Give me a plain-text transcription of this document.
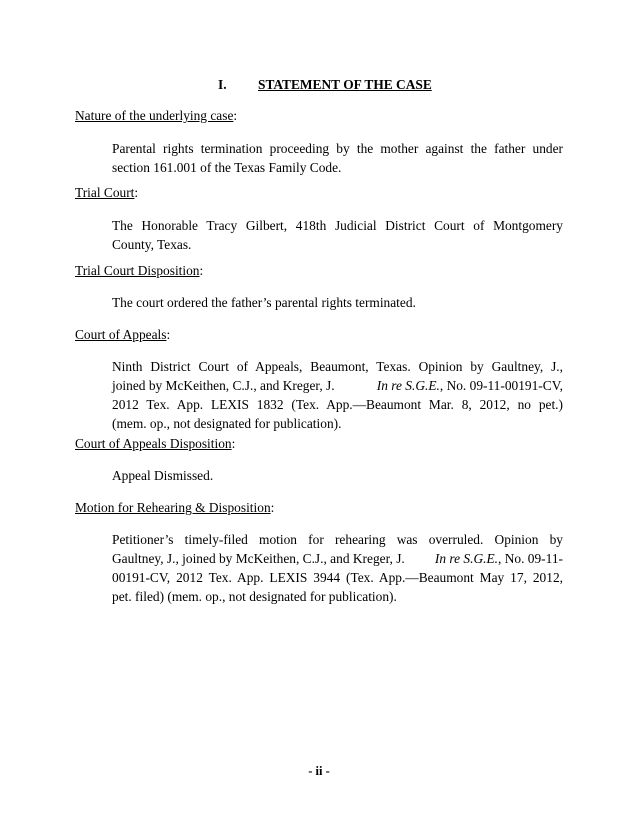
I. STATEMENT OF THE CASE
Nature of the underlying case:
Parental rights termination proceeding by the mother against the father under
section 161.001 of the Texas Family Code.
Trial Court:
The Honorable Tracy Gilbert, 418th Judicial District Court of Montgomery
County, Texas.
Trial Court Disposition:
The court ordered the father’s parental rights terminated.
Court of Appeals:
Ninth District Court of Appeals, Beaumont, Texas. Opinion by Gaultney, J.,
joined by McKeithen, C.J., and Kreger, J.	In re S.G.E., No. 09-11-00191-CV,
2012 Tex. App. LEXIS 1832 (Tex. App.—Beaumont Mar. 8, 2012, no pet.)
(mem. op., not designated for publication).
Court of Appeals Disposition:
Appeal Dismissed.
Motion for Rehearing & Disposition:
Petitioner’s timely-filed motion for rehearing was overruled. Opinion by
Gaultney, J., joined by McKeithen, C.J., and Kreger, J. In re S.G.E., No. 09-11-
00191-CV, 2012 Tex. App. LEXIS 3944 (Tex. App.—Beaumont May 17, 2012,
pet. filed) (mem. op., not designated for publication).
- ii -
